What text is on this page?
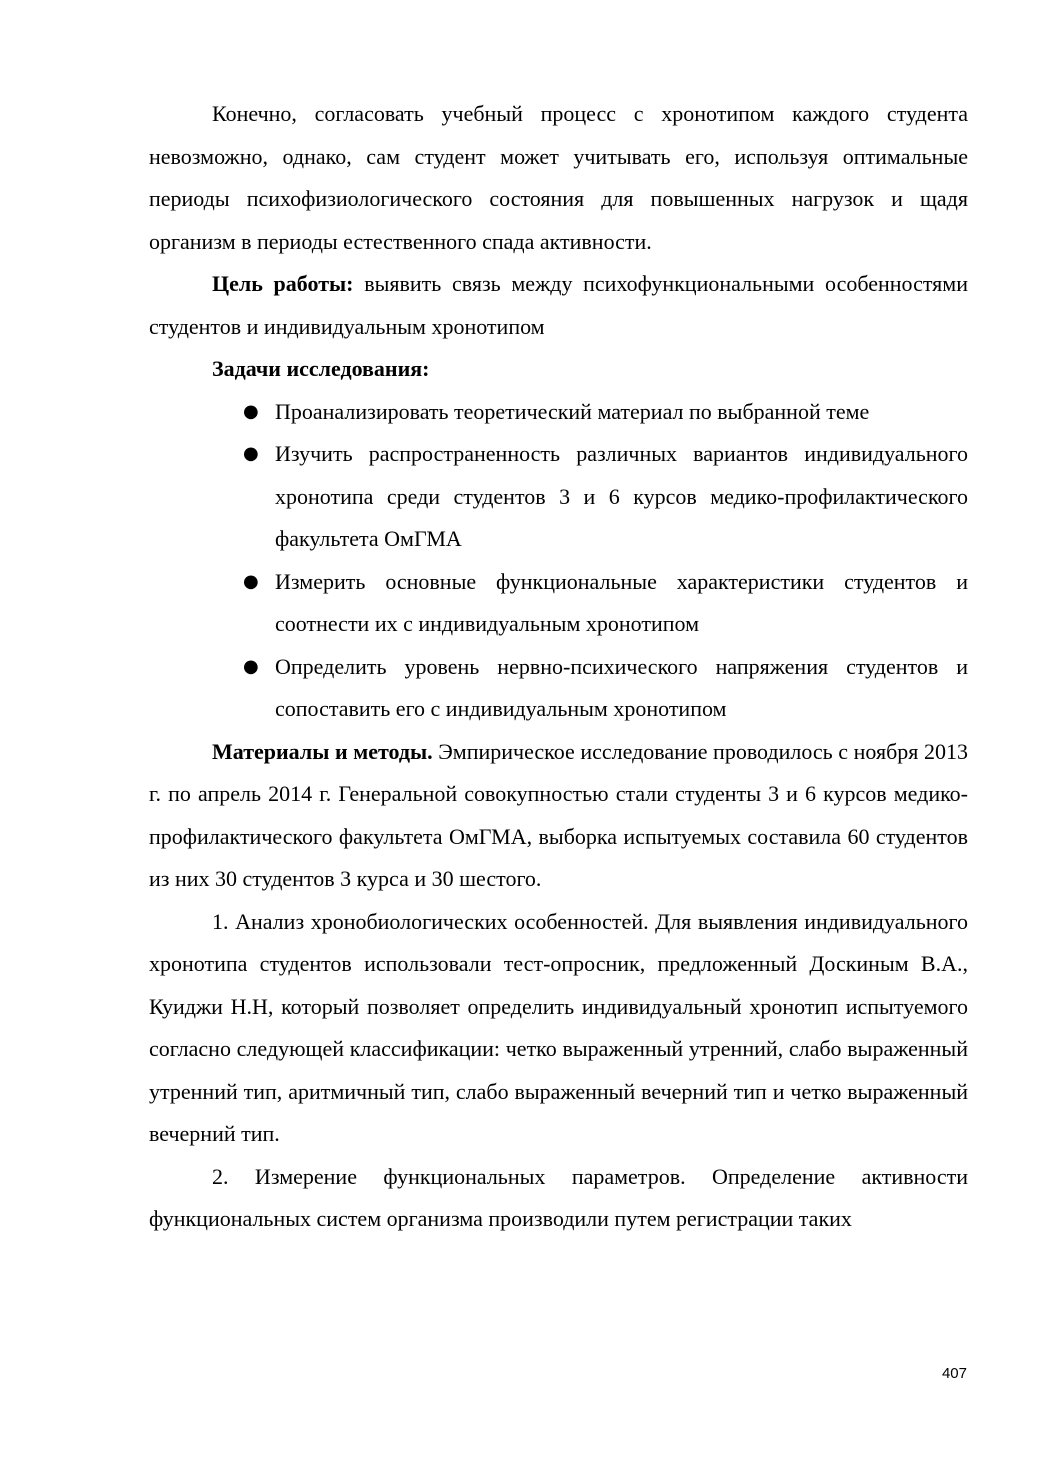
Конечно, согласовать учебный процесс с хронотипом каждого студента невозможно, однако, сам студент может учитывать его, используя оптимальные периоды психофизиологического состояния для повышенных нагрузок и щадя организм в периоды естественного спада активности.

Цель работы: выявить связь между психофункциональными особенностями студентов и индивидуальным хронотипом

Задачи исследования:

● Проанализировать теоретический материал по выбранной теме
● Изучить распространенность различных вариантов индивидуального хронотипа среди студентов 3 и 6 курсов медико-профилактического факультета ОмГМА
● Измерить основные функциональные характеристики студентов и соотнести их с индивидуальным хронотипом
● Определить уровень нервно-психического напряжения студентов и сопоставить его с индивидуальным хронотипом

Материалы и методы. Эмпирическое исследование проводилось с ноября 2013 г. по апрель 2014 г. Генеральной совокупностью стали студенты 3 и 6 курсов медико-профилактического факультета ОмГМА, выборка испытуемых составила 60 студентов из них 30 студентов 3 курса и 30 шестого.

1. Анализ хронобиологических особенностей. Для выявления индивидуального хронотипа студентов использовали тест-опросник, предложенный Доскиным В.А., Куиджи Н.Н, который позволяет определить индивидуальный хронотип испытуемого согласно следующей классификации: четко выраженный утренний, слабо выраженный утренний тип, аритмичный тип, слабо выраженный вечерний тип и четко выраженный вечерний тип.

2. Измерение функциональных параметров. Определение активности функциональных систем организма производили путем регистрации таких

407
